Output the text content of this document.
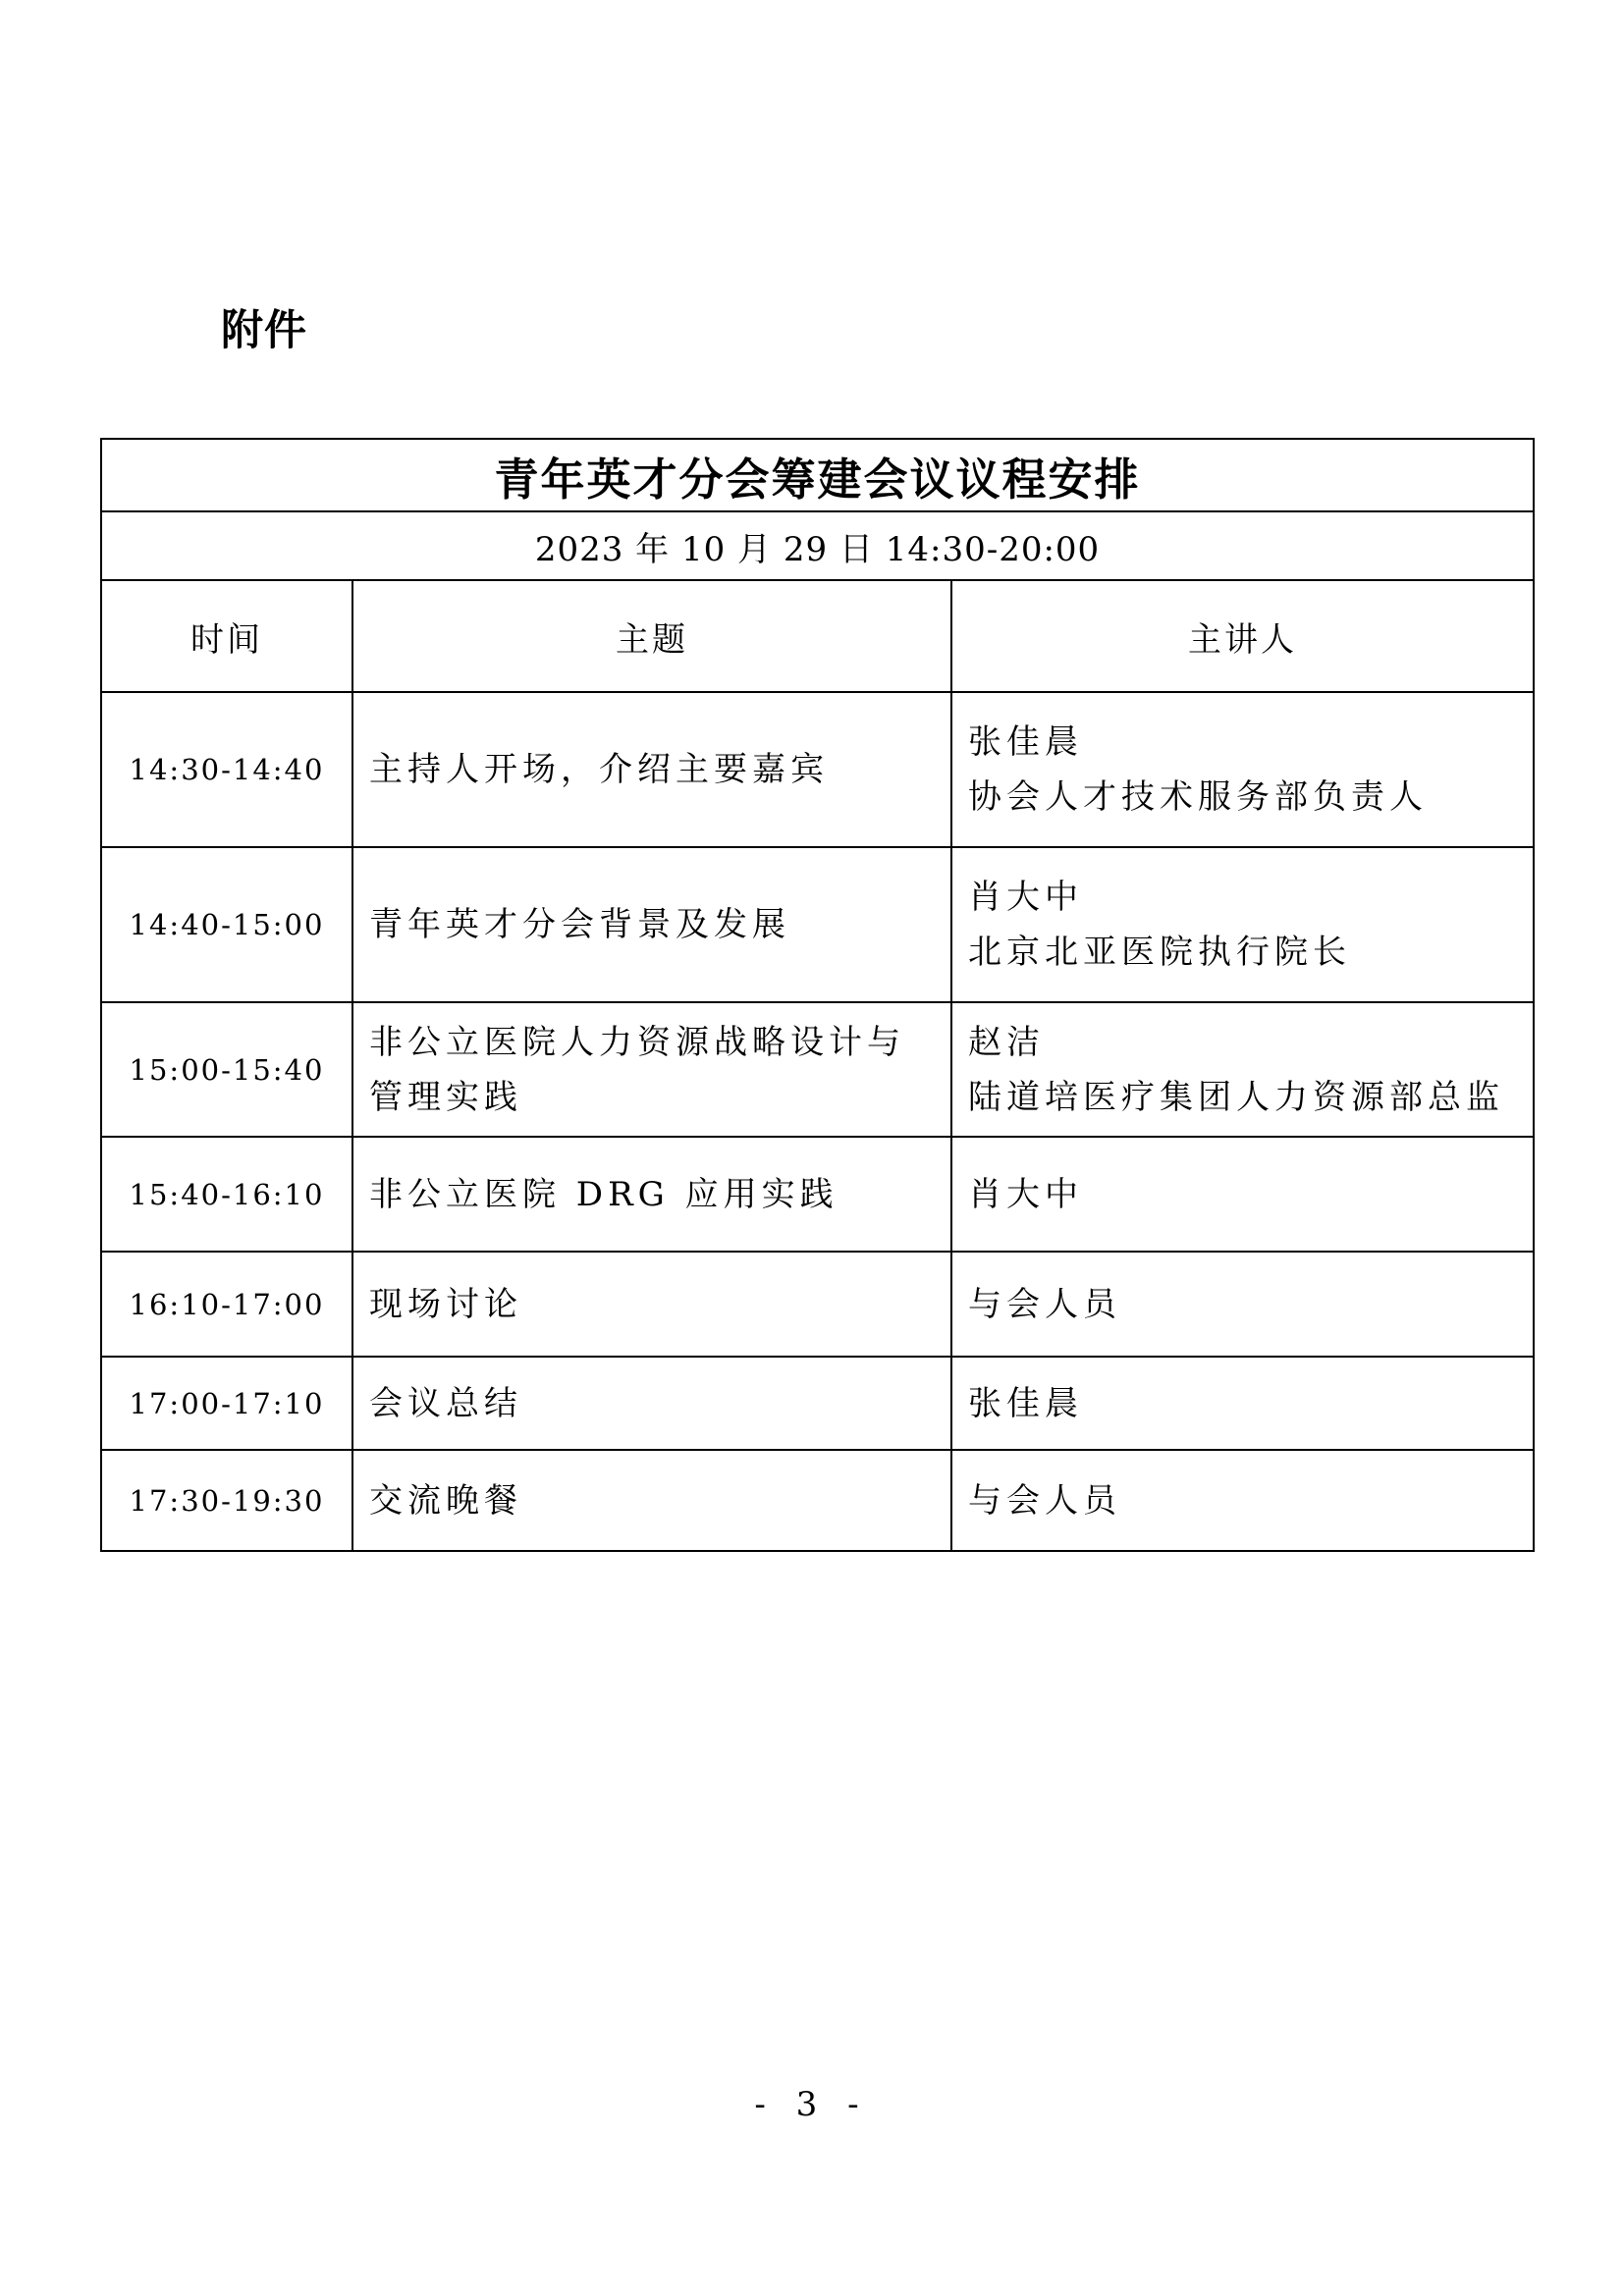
附件
青年英才分会筹建会议议程安排		
2023 年 10 月 29 日 14:30-20:00		
时间	主题	主讲人
14:30-14:40	主持人开场，介绍主要嘉宾	张佳晨
协会人才技术服务部负责人

14:40-15:00	青年英才分会背景及发展	肖大中
北京北亚医院执行院长

15:00-15:40	非公立医院人力资源战略设计与 管理实践	赵洁
陆道培医疗集团人力资源部总监

15:40-16:10	非公立医院 DRG 应用实践	肖大中

16:10-17:00	现场讨论	与会人员

17:00-17:10	会议总结	张佳晨

17:30-19:30	交流晚餐	与会人员
- 3 -
